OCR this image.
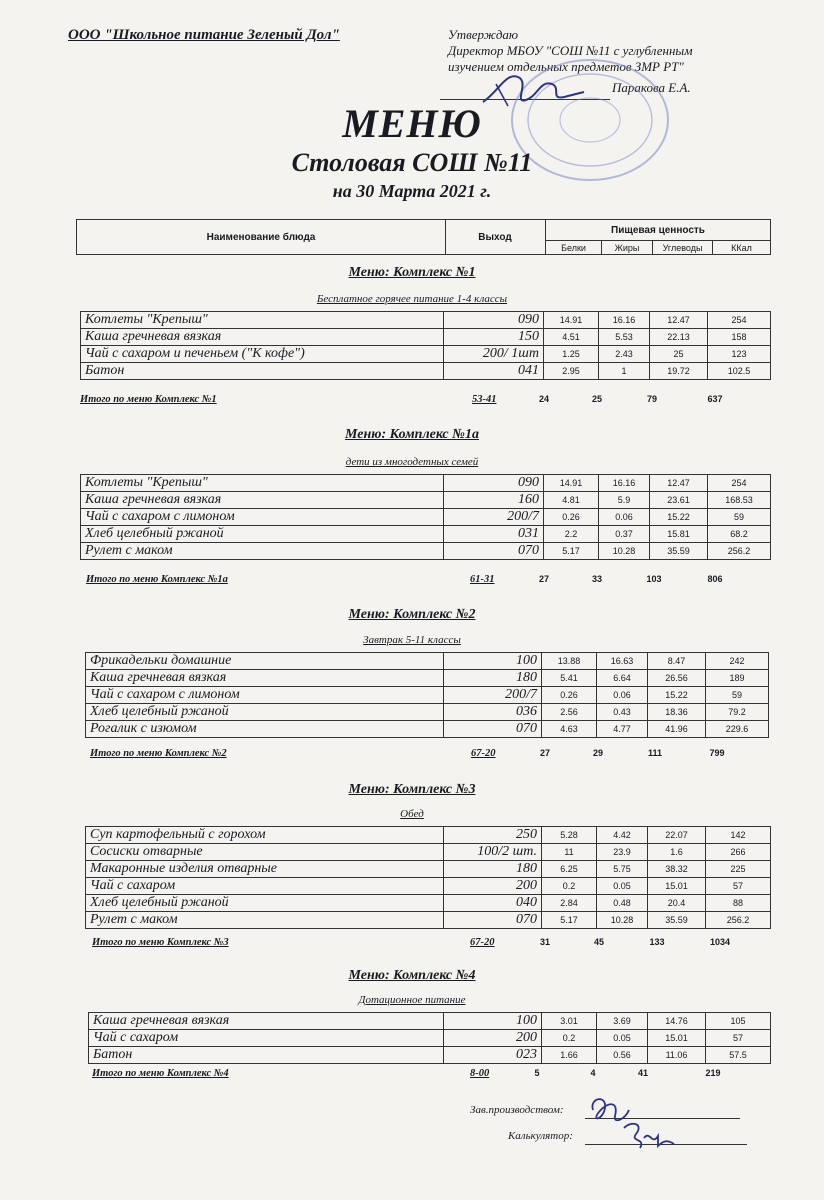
ООО "Школьное питание Зеленый Дол"	Утверждаю
Директор МБОУ "СОШ №11 с углубленным
изучением отдельных предметов ЗМР РТ"
Паракова Е.А.
МЕНЮ
Столовая СОШ №11
на 30 Марта 2021 г.
Наименование блюда	Выход
Пищевая ценность
Белки	Жиры	Углеводы	ККал
Меню: Комплекс №1
Бесплатное горячее питание 1-4 классы
Котлеты "Крепыш"	090	14.91	16.16	12.47	254
Каша гречневая вязкая	150	4.51	5.53	22.13	158
Чай с сахаром и печеньем ("К кофе")	200/ 1шт	1.25	2.43	25	123
Батон	041	2.95	1	19.72	102.5
Итого по меню Комплекс №1	53-41	24	25	79	637
Меню: Комплекс №1а
дети из многодетных семей
Котлеты "Крепыш"	090	14.91	16.16	12.47	254
Каша гречневая вязкая	160	4.81	5.9	23.61	168.53
Чай с сахаром с лимоном	200/7	0.26	0.06	15.22	59
Хлеб целебный ржаной	031	2.2	0.37	15.81	68.2
Рулет с маком	070	5.17	10.28	35.59	256.2
Итого по меню Комплекс №1а	61-31	27	33	103	806
Меню: Комплекс №2
Завтрак 5-11 классы
Фрикадельки домашние	100	13.88	16.63	8.47	242
Каша гречневая вязкая	180	5.41	6.64	26.56	189
Чай с сахаром с лимоном	200/7	0.26	0.06	15.22	59
Хлеб целебный ржаной	036	2.56	0.43	18.36	79.2
Рогалик с изюмом	070	4.63	4.77	41.96	229.6
Итого по меню Комплекс №2	67-20	27	29	111	799
Меню: Комплекс №3
Обед
Суп картофельный с горохом	250	5.28	4.42	22.07	142
Сосиски отварные	100/2 шт.	11	23.9	1.6	266
Макаронные изделия отварные	180	6.25	5.75	38.32	225
Чай с сахаром	200	0.2	0.05	15.01	57
Хлеб целебный ржаной	040	2.84	0.48	20.4	88
Рулет с маком	070	5.17	10.28	35.59	256.2
Итого по меню Комплекс №3	67-20	31	45	133	1034
Меню: Комплекс №4
Дотационное питание
Каша гречневая вязкая	100	3.01	3.69	14.76	105
Чай с сахаром	200	0.2	0.05	15.01	57
Батон	023	1.66	0.56	11.06	57.5
Итого по меню Комплекс №4	8-00	5	4	41	219
Зав.производством:
Калькулятор:
